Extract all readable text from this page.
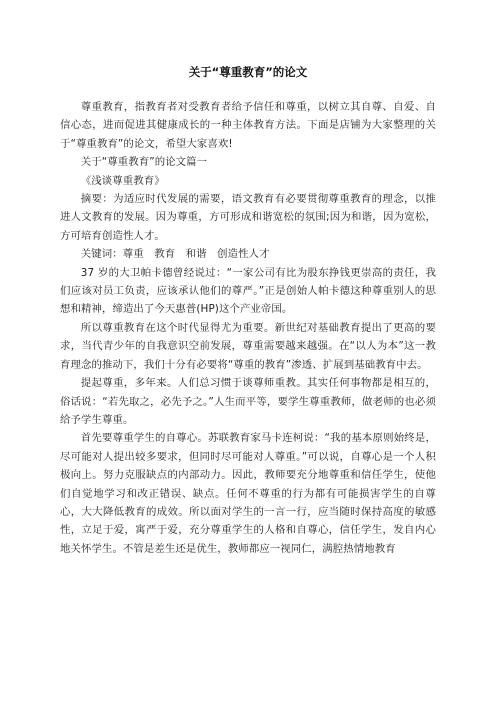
关于“尊重教育”的论文

尊重教育，指教育者对受教育者给予信任和尊重，以树立其自尊、自爱、自信心态，进而促进其健康成长的一种主体教育方法。下面是店铺为大家整理的关于“尊重教育”的论文，希望大家喜欢!

关于“尊重教育”的论文篇一

《浅谈尊重教育》

摘要：为适应时代发展的需要，语文教育有必要贯彻尊重教育的理念，以推进人文教育的发展。因为尊重，方可形成和谐宽松的氛围;因为和谐，因为宽松，方可培育创造性人才。

关键词：尊重　教育　和谐　创造性人才

37 岁的大卫帕卡德曾经说过：“一家公司有比为股东挣钱更崇高的责任，我们应该对员工负责，应该承认他们的尊严。”正是创始人帕卡德这种尊重别人的思想和精神，缔造出了今天惠普(HP)这个产业帝国。

所以尊重教育在这个时代显得尤为重要。新世纪对基础教育提出了更高的要求，当代青少年的自我意识空前发展，尊重需要越来越强。在“以人为本”这一教育理念的推动下，我们十分有必要将“尊重的教育”渗透、扩展到基础教育中去。

提起尊重，多年来。人们总习惯于谈尊师重教。其实任何事物都是相互的，俗话说：“若先取之，必先予之。”人生而平等，要学生尊重教师，做老师的也必须给予学生尊重。

首先要尊重学生的自尊心。苏联教育家马卡连柯说：“我的基本原则始终是，尽可能对人提出较多要求，但同时尽可能对人尊重。”可以说，自尊心是一个人积极向上。努力克服缺点的内部动力。因此，教师要充分地尊重和信任学生，使他们自觉地学习和改正错误、缺点。任何不尊重的行为都有可能损害学生的自尊心，大大降低教育的成效。所以面对学生的一言一行，应当随时保持高度的敏感性，立足于爱，寓严于爱，充分尊重学生的人格和自尊心，信任学生，发自内心地关怀学生。不管是差生还是优生，教师都应一视同仁，满腔热情地教育
